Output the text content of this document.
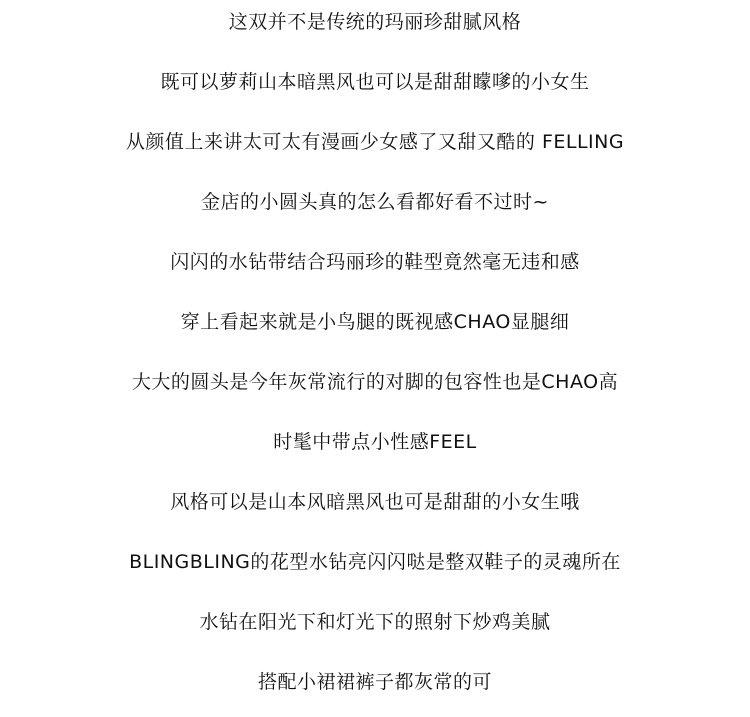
这双并不是传统的玛丽珍甜腻风格
既可以萝莉山本暗黑风也可以是甜甜矇嗲的小女生
从颜值上来讲太可太有漫画少女感了又甜又酷的 FELLING
金店的小圆头真的怎么看都好看不过时~
闪闪的水钻带结合玛丽珍的鞋型竟然毫无违和感
穿上看起来就是小鸟腿的既视感CHAO显腿细
大大的圆头是今年灰常流行的对脚的包容性也是CHAO高
时髦中带点小性感FEEL
风格可以是山本风暗黑风也可是甜甜的小女生哦
BLINGBLING的花型水钻亮闪闪哒是整双鞋子的灵魂所在
水钻在阳光下和灯光下的照射下炒鸡美腻
搭配小裙裙裤子都灰常的可
